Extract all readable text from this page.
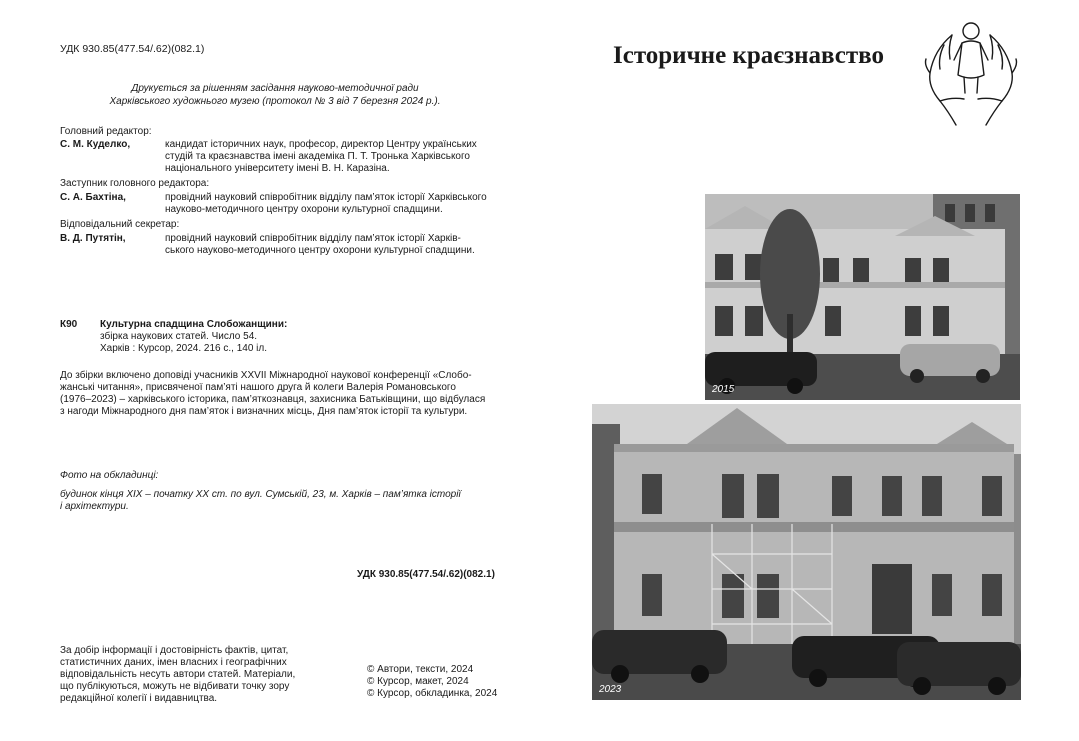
УДК 930.85(477.54/.62)(082.1)
Друкується за рішенням засідання науково-методичної ради
Харківського художнього музею (протокол № 3 від 7 березня 2024 р.).
Головний редактор:
С. М. Куделко,	кандидат історичних наук, професор, директор Центру українських
студій та краєзнавства імені академіка П. Т. Тронька Харківського
національного університету імені В. Н. Каразіна.
Заступник головного редактора:
С. А. Бахтіна,	провідний науковий співробітник відділу пам’яток історії Харківського
науково-методичного центру охорони культурної спадщини.
Відповідальний секретар:
В. Д. Путятін,	провідний науковий співробітник відділу пам’яток історії Харків-
ського науково-методичного центру охорони культурної спадщини.
К90 Культурна спадщина Слобожанщини:
збірка наукових статей. Число 54.
Харків : Курсор, 2024. 216 с., 140 іл.
До збірки включено доповіді учасників XXVII Міжнародної наукової конференції «Слобо-
жанські читання», присвяченої пам’яті нашого друга й колеги Валерія Романовського
(1976–2023) – харківського історика, пам’яткознавця, захисника Батьківщини, що відбулася
з нагоди Міжнародного дня пам’яток і визначних місць, Дня пам’яток історії та культури.
Фото на обкладинці:
будинок кінця XIX – початку XX ст. по вул. Сумській, 23, м. Харків – пам’ятка історії
і архітектури.
УДК 930.85(477.54/.62)(082.1)
За добір інформації і достовірність фактів, цитат,
статистичних даних, імен власних і географічних
відповідальність несуть автори статей. Матеріали,
що публікуються, можуть не відбивати точку зору
редакційної колегії і видавництва.
© Автори, тексти, 2024
© Курсор, макет, 2024
© Курсор, обкладинка, 2024
Історичне краєзнавство
2015
2023
